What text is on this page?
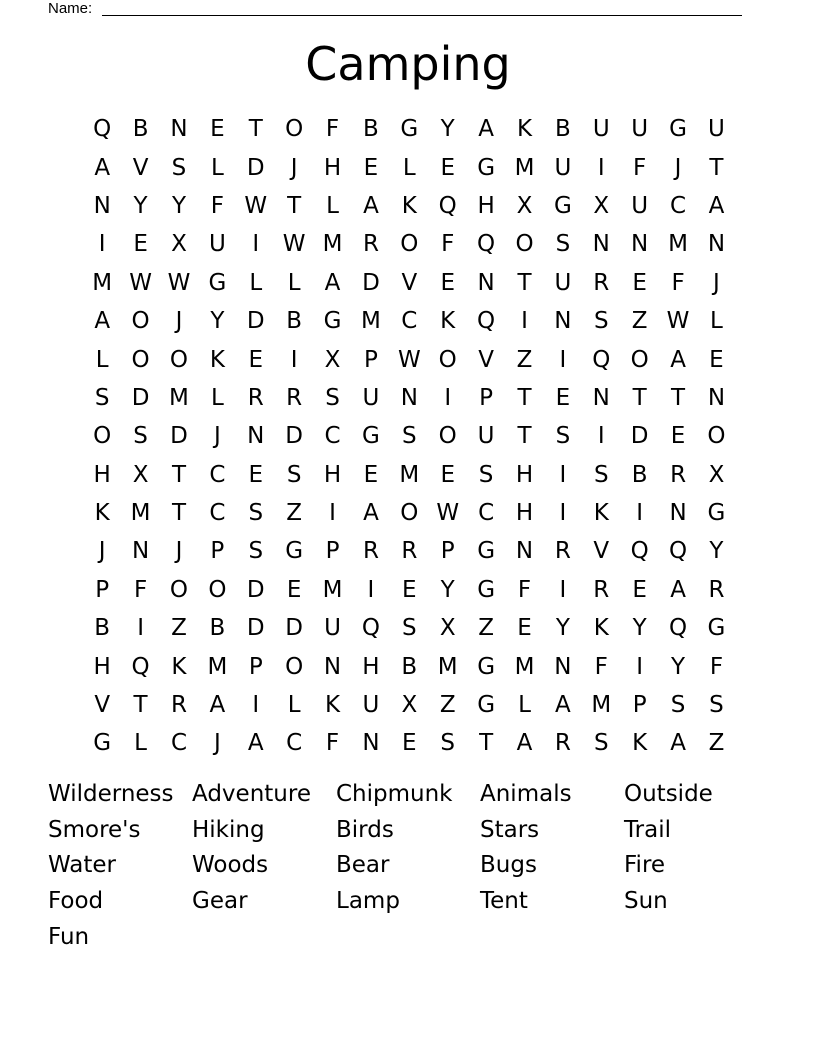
Name:
Camping
Q B N E	T O F	B G Y	A K B U U G U
A V	S	L	D	J	H E	L	E G M U	I	F	J	T
N Y	Y	F W T	L	A K Q H X G X U C A
I	E	X U	I	W M R O F Q O S N N M N
M W W G	L	L	A D V	E N T U R	E	F	J
A O	J	Y D B G M C K Q	I	N S	Z W L
L O O K	E	I	X	P W O V Z	I	Q O A	E
S D M L	R R	S U N	I	P	T	E N T	T N
O S D	J	N D C G S O U T	S	I	D E O
H X	T	C	E	S H E M E	S H	I	S	B R X
K M T	C	S	Z	I	A O W C H	I	K	I	N G
J	N	J	P	S G P	R R	P G N R V Q Q Y
P	F O O D E M	I	E	Y G F	I	R	E	A R
B	I	Z B D D U Q S	X Z	E	Y	K	Y Q G
H Q K M P O N H B M G M N	F	I	Y	F
V	T	R A	I	L	K U X Z G	L	A M P	S	S
G	L	C	J	A C	F	N E	S	T	A R	S	K A Z
Wilderness Adventure	Chipmunk	Animals	Outside
Smore's	Hiking	Birds	Stars	Trail
Water	Woods	Bear	Bugs	Fire
Food	Gear	Lamp	Tent	Sun
Fun
